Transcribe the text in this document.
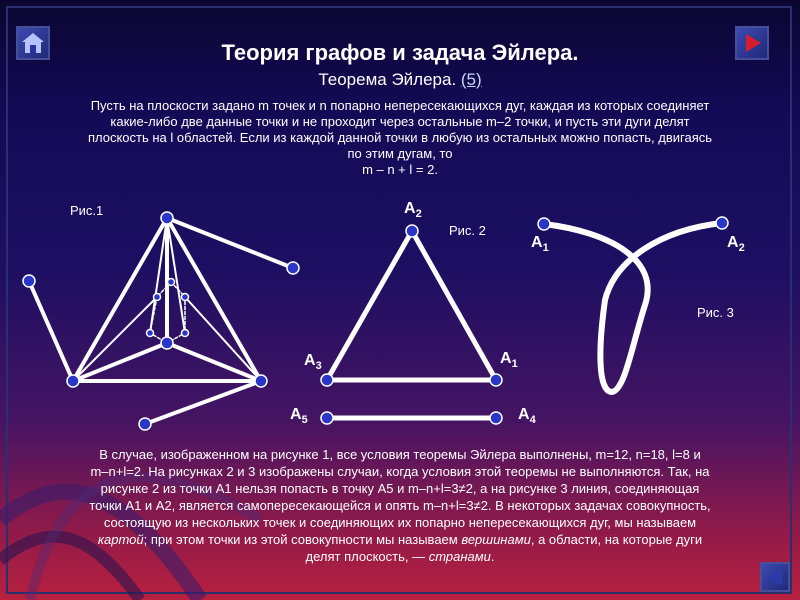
Теория графов и задача Эйлера.
Теорема Эйлера. (5)
Пусть на плоскости задано m точек и n попарно непересекающихся дуг, каждая из которых соединяет
какие-либо две данные точки и не проходит через остальные m–2 точки, и пусть эти дуги делят
плоскость на l областей. Если из каждой данной точки в любую из остальных можно попасть, двигаясь
по этим дугам, то
m – n + l = 2.
Рис.1
Рис. 2
Рис. 3
$A_2$
$A_3$	$A_1$
$A_5$	$A_4$
$A_1$	$A_2$
В случае, изображенном на рисунке 1, все условия теоремы Эйлера выполнены, m=12, n=18, l=8 и
m–n+l=2. На рисунках 2 и 3 изображены случаи, когда условия этой теоремы не выполняются. Так, на
рисунке 2 из точки A1 нельзя попасть в точку A5 и m–n+l=3≠2, а на рисунке 3 линия, соединяющая
точки A1 и A2, является самопересекающейся и опять m–n+l=3≠2. В некоторых задачах совокупность,
состоящую из нескольких точек и соединяющих их попарно непересекающихся дуг, мы называем
картой; при этом точки из этой совокупности мы называем вершинами, а области, на которые дуги
делят плоскость, — странами.
